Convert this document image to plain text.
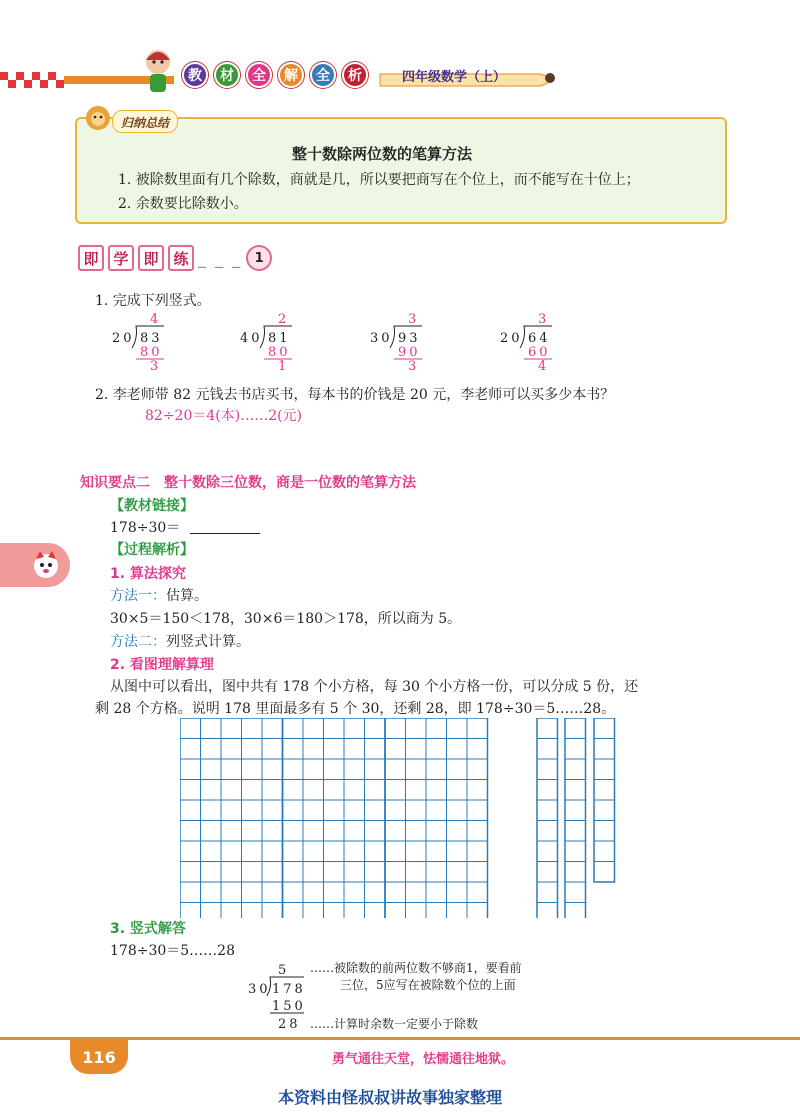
教	材	全	解	全	析	四年级数学（上）
归纳总结
整十数除两位数的笔算方法
1. 被除数里面有几个除数，商就是几，所以要把商写在个位上，而不能写在十位上；
2. 余数要比除数小。
即 学 即 练 _ _ _ 1
1. 完成下列竖式。
20 83
4
80
3
40 81
2
80
1
30 93
3
90
3
20 64
3
60
4
2. 李老师带 82 元钱去书店买书，每本书的价钱是 20 元，李老师可以买多少本书？
82÷20＝4(本)……2(元)
知识要点二　整十数除三位数，商是一位数的笔算方法
【教材链接】
178÷30＝
【过程解析】
1. 算法探究
方法一：估算。
30×5＝150＜178，30×6＝180＞178，所以商为 5。
方法二：列竖式计算。
2. 看图理解算理
从图中可以看出，图中共有 178 个小方格，每 30 个小方格一份，可以分成 5 份，还
剩 28 个方格。说明 178 里面最多有 5 个 30，还剩 28，即 178÷30＝5……28。
3. 竖式解答
178÷30＝5……28
5
30 178
150
28
……被除数的前两位数不够商1，要看前
三位，5应写在被除数个位的上面
……计算时余数一定要小于除数
116	勇气通往天堂，怯懦通往地狱。
本资料由怪叔叔讲故事独家整理
